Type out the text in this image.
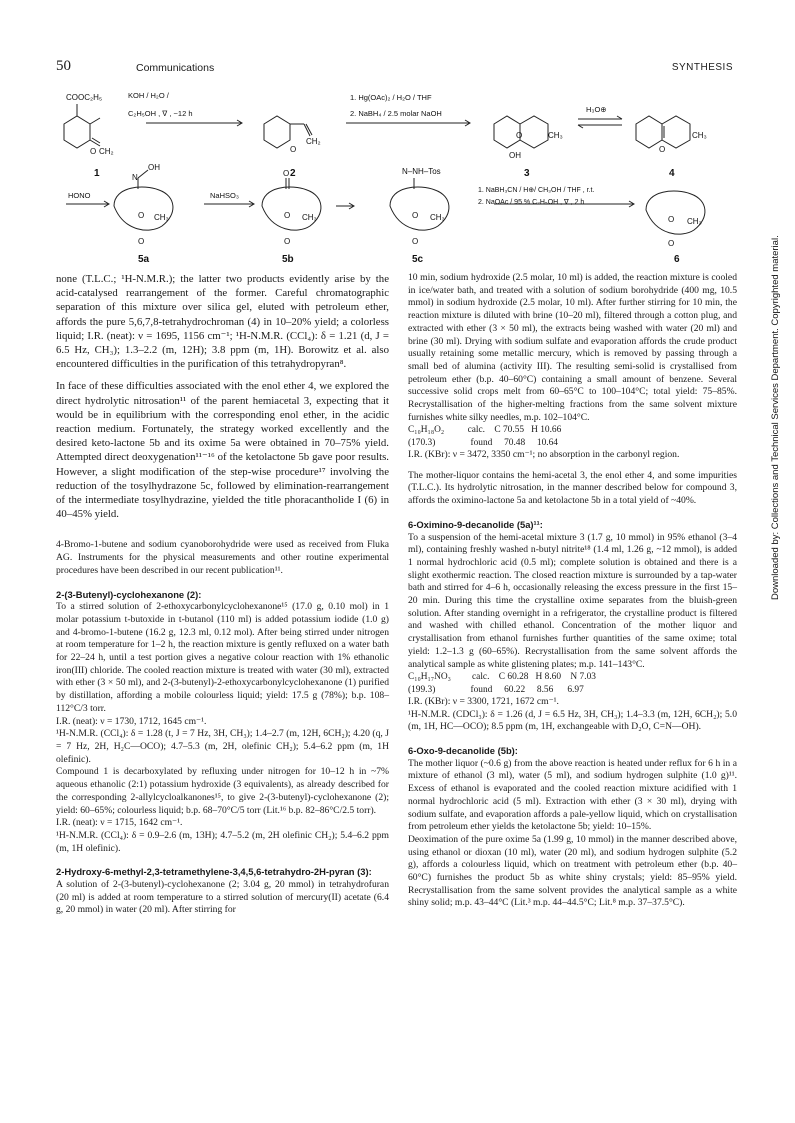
50	Communications	SYNTHESIS
KOH / H₂O /
C₂H₅OH , ∇ , ~12 h
1. Hg(OAc)₂ / H₂O / THF
2. NaBH₄ / 2.5 molar NaOH	H₃O⊕
COOC₂H₅
O CH₂	O
CH₂
O
OH
CH₃
O
CH₃
1	2	3	4
HONO	NaHSO₃
1. NaBH₃CN / H⊕/ CH₃OH / THF , r.t.
2. NaOAc / 95 % C₂H₅OH , ∇ , 2 h
OH
N
O
O
CH₃
O
O
O
CH₃
N–NH–Tos
O
O
CH₃	O
O
CH₃
5a	5b	5c	6

none (T.L.C.; ¹H-N.M.R.); the latter two products evidently arise by the acid-catalysed rearrangement of the former. Careful chromatographic separation of this mixture over silica gel, eluted with petroleum ether, affords the pure 5,6,7,8-tetrahydrochroman (4) in 10–20% yield; a colorless liquid; I.R. (neat): ν = 1695, 1156 cm⁻¹; ¹H-N.M.R. (CCl₄): δ = 1.21 (d, J = 6.5 Hz, CH₃); 1.3–2.2 (m, 12H); 3.8 ppm (m, 1H). Borowitz et al. also encountered difficulties in the purification of this tetrahydropyran⁸.

In face of these difficulties associated with the enol ether 4, we explored the direct hydrolytic nitrosation¹¹ of the parent hemiacetal 3, expecting that it would be in equilibrium with the corresponding enol ether, in the acidic reaction medium. Fortunately, the strategy worked excellently and the desired keto-lactone 5b and its oxime 5a were obtained in 70–75% yield. Attempted direct deoxygenation¹¹⁻¹⁶ of the ketolactone 5b gave poor results. However, a slight modification of the step-wise procedure¹⁷ involving the reduction of the tosylhydrazone 5c, followed by elimination-rearrangement of the intermediate tosylhydrazine, yielded the title phoracantholide I (6) in 40–45% yield.

4-Bromo-1-butene and sodium cyanoborohydride were used as received from Fluka AG. Instruments for the physical measurements and other routine experimental procedures have been described in our recent publication¹¹.

2-(3-Butenyl)-cyclohexanone (2):

To a stirred solution of 2-ethoxycarbonylcyclohexanone¹⁵ (17.0 g, 0.10 mol) in 1 molar potassium t-butoxide in t-butanol (110 ml) is added potassium iodide (1.0 g) and 4-bromo-1-butene (16.2 g, 12.3 ml, 0.12 mol). After being stirred under nitrogen at room temperature for 1–2 h, the reaction mixture is gently refluxed on a water bath for 22–24 h, until a test portion gives a negative colour reaction with 1% ethanolic iron(III) chloride. The cooled reaction mixture is treated with water (30 ml), extracted with ether (3 × 50 ml), and 2-(3-butenyl)-2-ethoxycarbonylcyclohexanone (1) purified by distillation, affording a mobile colourless liquid; yield: 17.5 g (78%); b.p. 108–112°C/3 torr.

I.R. (neat): ν = 1730, 1712, 1645 cm⁻¹.

¹H-N.M.R. (CCl₄): δ = 1.28 (t, J = 7 Hz, 3H, CH₃); 1.4–2.7 (m, 12H, 6CH₂); 4.20 (q, J = 7 Hz, 2H, H₂C—OCO); 4.7–5.3 (m, 2H, olefinic CH₂); 5.4–6.2 ppm (m, 1H olefinic).

Compound 1 is decarboxylated by refluxing under nitrogen for 10–12 h in ~7% aqueous ethanolic (2:1) potassium hydroxide (3 equivalents), as already described for the corresponding 2-allylcycloalkanones¹⁵, to give 2-(3-butenyl)-cyclohexanone (2); yield: 60–65%; colourless liquid; b.p. 68–70°C/5 torr (Lit.¹⁶ b.p. 82–86°C/2.5 torr).

I.R. (neat): ν = 1715, 1642 cm⁻¹.

¹H-N.M.R. (CCl₄): δ = 0.9–2.6 (m, 13H); 4.7–5.2 (m, 2H olefinic CH₂); 5.4–6.2 ppm (m, 1H olefinic).

2-Hydroxy-6-methyl-2,3-tetramethylene-3,4,5,6-tetrahydro-2H-pyran (3):

A solution of 2-(3-butenyl)-cyclohexanone (2; 3.04 g, 20 mmol) in tetrahydrofuran (20 ml) is added at room temperature to a stirred solution of mercury(II) acetate (6.4 g, 20 mmol) in water (20 ml). After stirring for

10 min, sodium hydroxide (2.5 molar, 10 ml) is added, the reaction mixture is cooled in ice/water bath, and treated with a solution of sodium borohydride (400 mg, 10.5 mmol) in sodium hydroxide (2.5 molar, 10 ml). After further stirring for 10 min, the reaction mixture is diluted with brine (10–20 ml), filtered through a cotton plug, and extracted with ether (3 × 50 ml), the extracts being washed with water (20 ml) and brine (30 ml). Drying with sodium sulfate and evaporation affords the crude product usually retaining some metallic mercury, which is removed by passing through a small bed of alumina (activity III). The resulting semi-solid is crystallised from petroleum ether (b.p. 40–60°C) containing a small amount of benzene. Several successive solid crops melt from 60–65°C to 100–104°C; total yield: 75–85%. Recrystallisation of the higher-melting fractions from the same solvent mixture furnishes white silky needles, m.p. 102–104°C.

C₁₀H₁₈O₂          calc.    C 70.55   H 10.66
(170.3)               found     70.48     10.64

I.R. (KBr): ν = 3472, 3350 cm⁻¹; no absorption in the carbonyl region.

The mother-liquor contains the hemi-acetal 3, the enol ether 4, and some impurities (T.L.C.). Its hydrolytic nitrosation, in the manner described below for compound 3, affords the oximino-lactone 5a and ketolactone 5b in a total yield of ~40%.

6-Oximino-9-decanolide (5a)¹¹:

To a suspension of the hemi-acetal mixture 3 (1.7 g, 10 mmol) in 95% ethanol (3–4 ml), containing freshly washed n-butyl nitrite¹⁸ (1.4 ml, 1.26 g, ~12 mmol), is added 1 normal hydrochloric acid (0.5 ml); complete solution is obtained and there is a slight exothermic reaction. The closed reaction mixture is surrounded by a tap-water bath and stirred for 4–6 h, occasionally releasing the excess pressure in the first 15–20 min. During this time the crystalline oxime separates from the bluish-green solution. After standing overnight in a refrigerator, the crystalline product is filtered and washed with chilled ethanol. Concentration of the mother liquor and crystallisation from ethanol furnishes further quantities of the same oxime; total yield: 1.2–1.3 g (60–65%). Recrystallisation from the same solvent affords the analytical sample as white glistening plates; m.p. 141–143°C.

C₁₀H₁₇NO₃         calc.    C 60.28   H 8.60    N 7.03
(199.3)               found     60.22     8.56      6.97

I.R. (KBr): ν = 3300, 1721, 1672 cm⁻¹.

¹H-N.M.R. (CDCl₃): δ = 1.26 (d, J = 6.5 Hz, 3H, CH₃); 1.4–3.3 (m, 12H, 6CH₂); 5.0 (m, 1H, HC—OCO); 8.5 ppm (m, 1H, exchangeable with D₂O, C=N—OH).

6-Oxo-9-decanolide (5b):

The mother liquor (~0.6 g) from the above reaction is heated under reflux for 6 h in a mixture of ethanol (3 ml), water (5 ml), and sodium hydrogen sulphite (1.0 g)¹¹. Excess of ethanol is evaporated and the cooled reaction mixture acidified with 1 normal hydrochloric acid (5 ml). Extraction with ether (3 × 30 ml), drying with sodium sulfate, and evaporation affords a pale-yellow liquid, which on crystallisation from petroleum ether yields the ketolactone 5b; yield: 10–15%.

Deoximation of the pure oxime 5a (1.99 g, 10 mmol) in the manner described above, using ethanol or dioxan (10 ml), water (20 ml), and sodium hydrogen sulphite (5.2 g), affords a colourless liquid, which on treatment with petroleum ether (b.p. 40–60°C) furnishes the product 5b as white shiny crystals; yield: 85–95% yield. Recrystallisation from the same solvent provides the analytical sample as a white shiny solid; m.p. 43–44°C (Lit.³ m.p. 44–44.5°C; Lit.⁸ m.p. 37–37.5°C).

Downloaded by: Collections and Technical Services Department. Copyrighted material.
